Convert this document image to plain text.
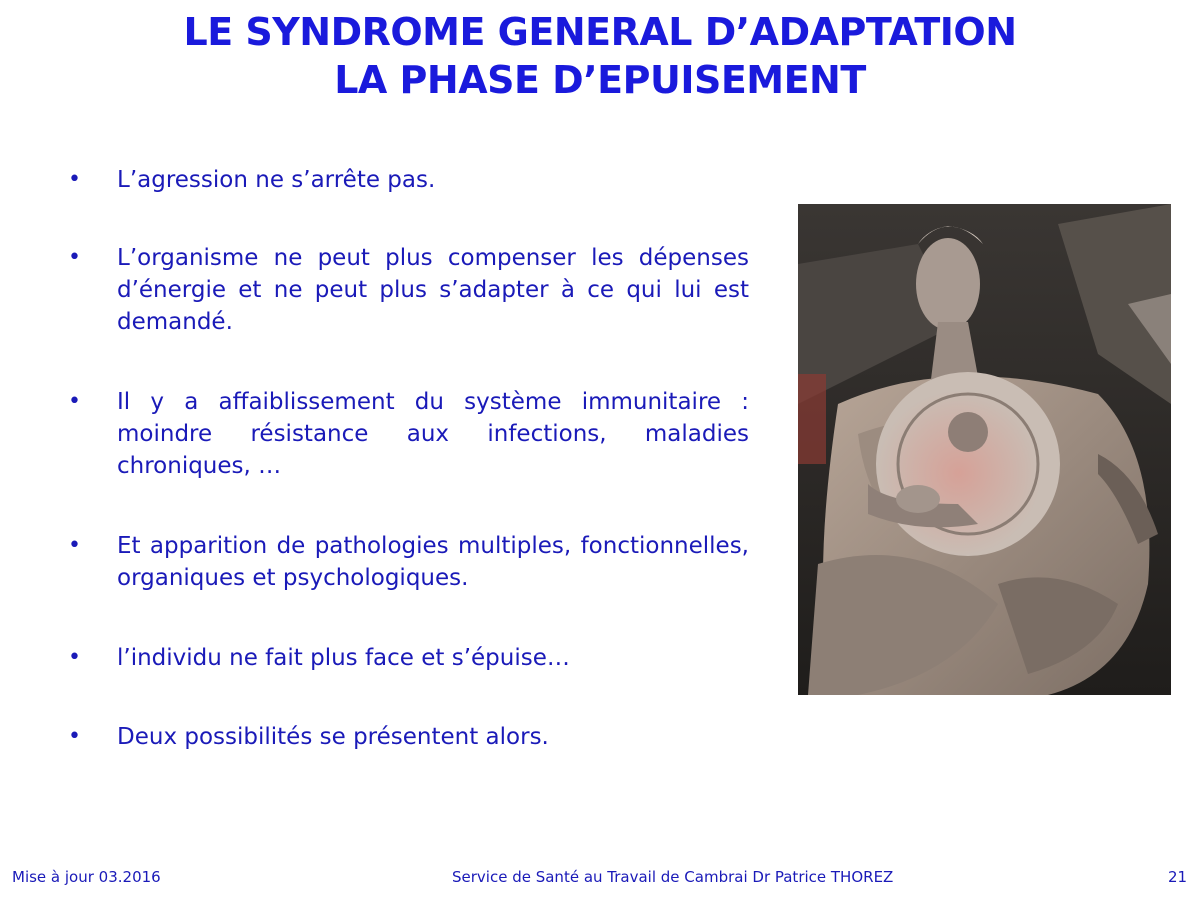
LE SYNDROME GENERAL D’ADAPTATION
LA PHASE D’EPUISEMENT
• L’agression ne s’arrête pas.
• L’organisme ne peut plus compenser les dépenses d’énergie et ne peut plus s’adapter à ce qui lui est demandé.
• Il y a affaiblissement du système immunitaire : moindre résistance aux infections, maladies chroniques, …
• Et apparition de pathologies multiples, fonctionnelles, organiques et psychologiques.
• l’individu ne fait plus face et s’épuise…
• Deux possibilités se présentent alors.
Mise à jour 03.2016	Service de Santé au Travail de Cambrai Dr Patrice THOREZ	21
